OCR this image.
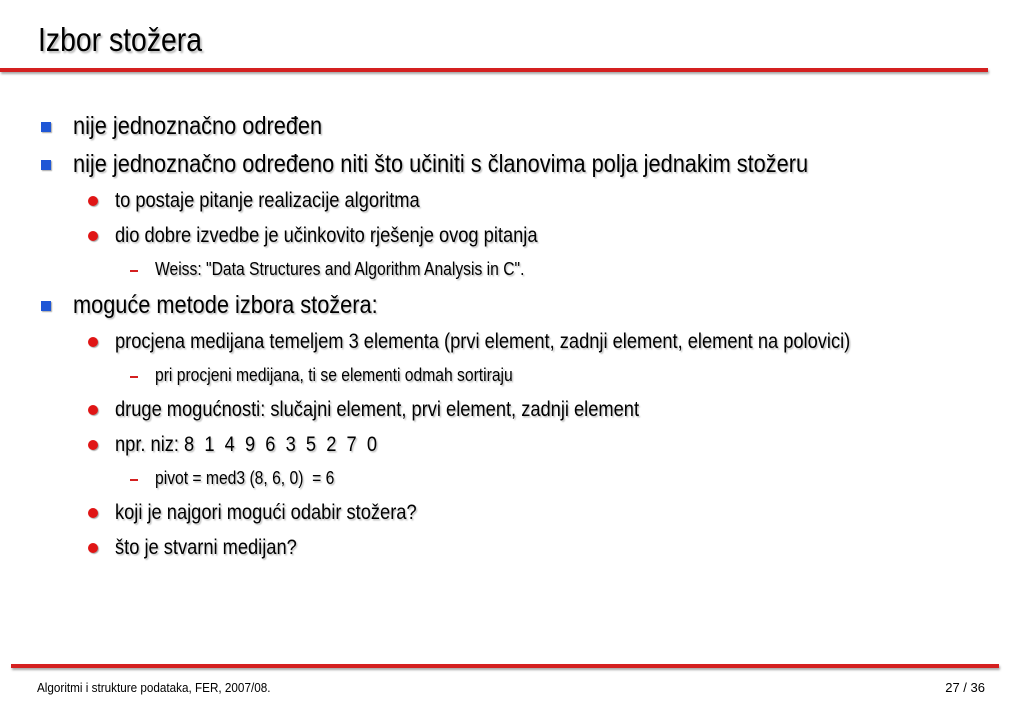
Izbor stožera
nije jednoznačno određen
nije jednoznačno određeno niti što učiniti s članovima polja jednakim stožeru
to postaje pitanje realizacije algoritma
dio dobre izvedbe je učinkovito rješenje ovog pitanja
Weiss: "Data Structures and Algorithm Analysis in C".
moguće metode izbora stožera:
procjena medijana temeljem 3 elementa (prvi element, zadnji element, element na polovici)
pri procjeni medijana, ti se elementi odmah sortiraju
druge mogućnosti: slučajni element, prvi element, zadnji element
npr. niz: 8  1  4  9  6  3  5  2  7  0
pivot = med3 (8, 6, 0)  = 6
koji je najgori mogući odabir stožera?
što je stvarni medijan?
Algoritmi i strukture podataka, FER, 2007/08.	27 / 36
